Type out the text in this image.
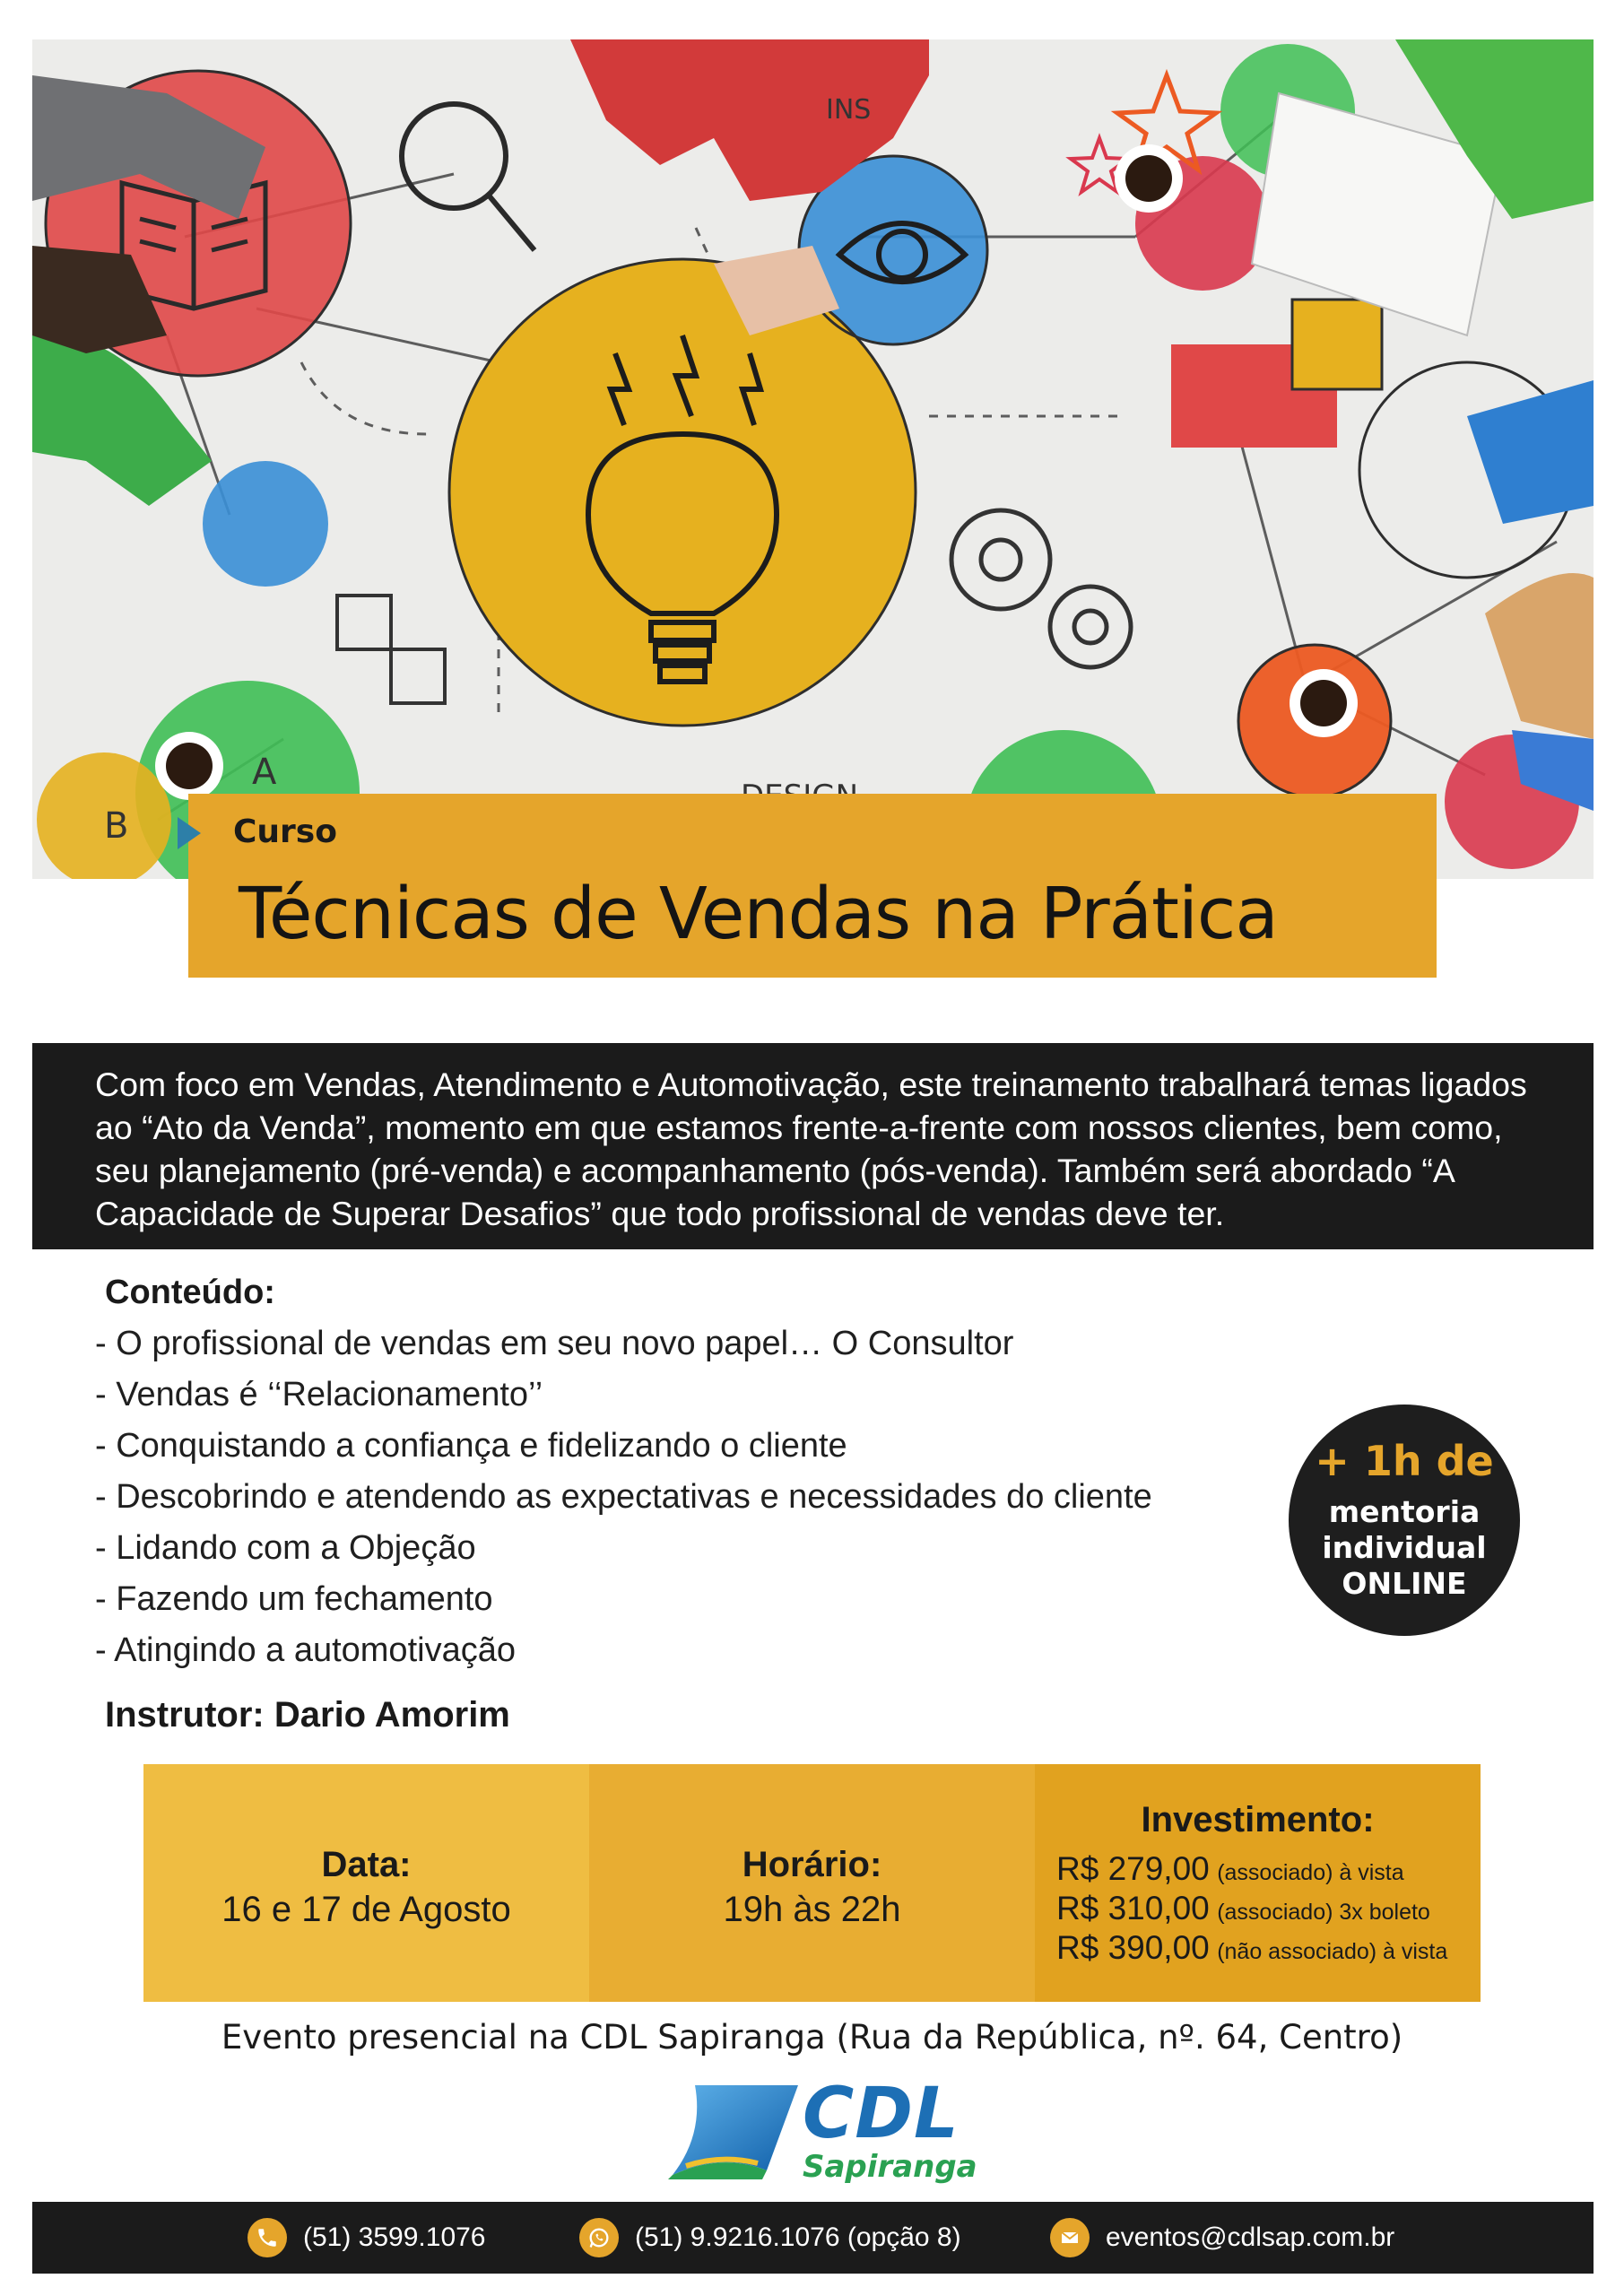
INS
A
B	Curso
Técnicas de Vendas na Prática

Com foco em Vendas, Atendimento e Automotivação, este treinamento trabalhará temas ligados ao “Ato da Venda”, momento em que estamos frente-a-frente com nossos clientes, bem como, seu planejamento (pré-venda) e acompanhamento (pós-venda). Também será abordado “A Capacidade de Superar Desafios” que todo profissional de vendas deve ter.

Conteúdo:
- O profissional de vendas em seu novo papel… O Consultor
- Vendas é ‘‘Relacionamento’’
- Conquistando a confiança e fidelizando o cliente
- Descobrindo e atendendo as expectativas e necessidades do cliente
- Lidando com a Objeção
- Fazendo um fechamento
- Atingindo a automotivação
+ 1h de
mentoria
individual
ONLINE
Instrutor: Dario Amorim
Data:
16 e 17 de Agosto
Horário:
19h às 22h
Investimento:
R$ 279,00 (associado) à vista
R$ 310,00 (associado) 3x boleto
R$ 390,00 (não associado) à vista
Evento presencial na CDL Sapiranga (Rua da República, nº. 64, Centro)
CDL
Sapiranga
(51) 3599.1076	(51) 9.9216.1076 (opção 8)	eventos@cdlsap.com.br
